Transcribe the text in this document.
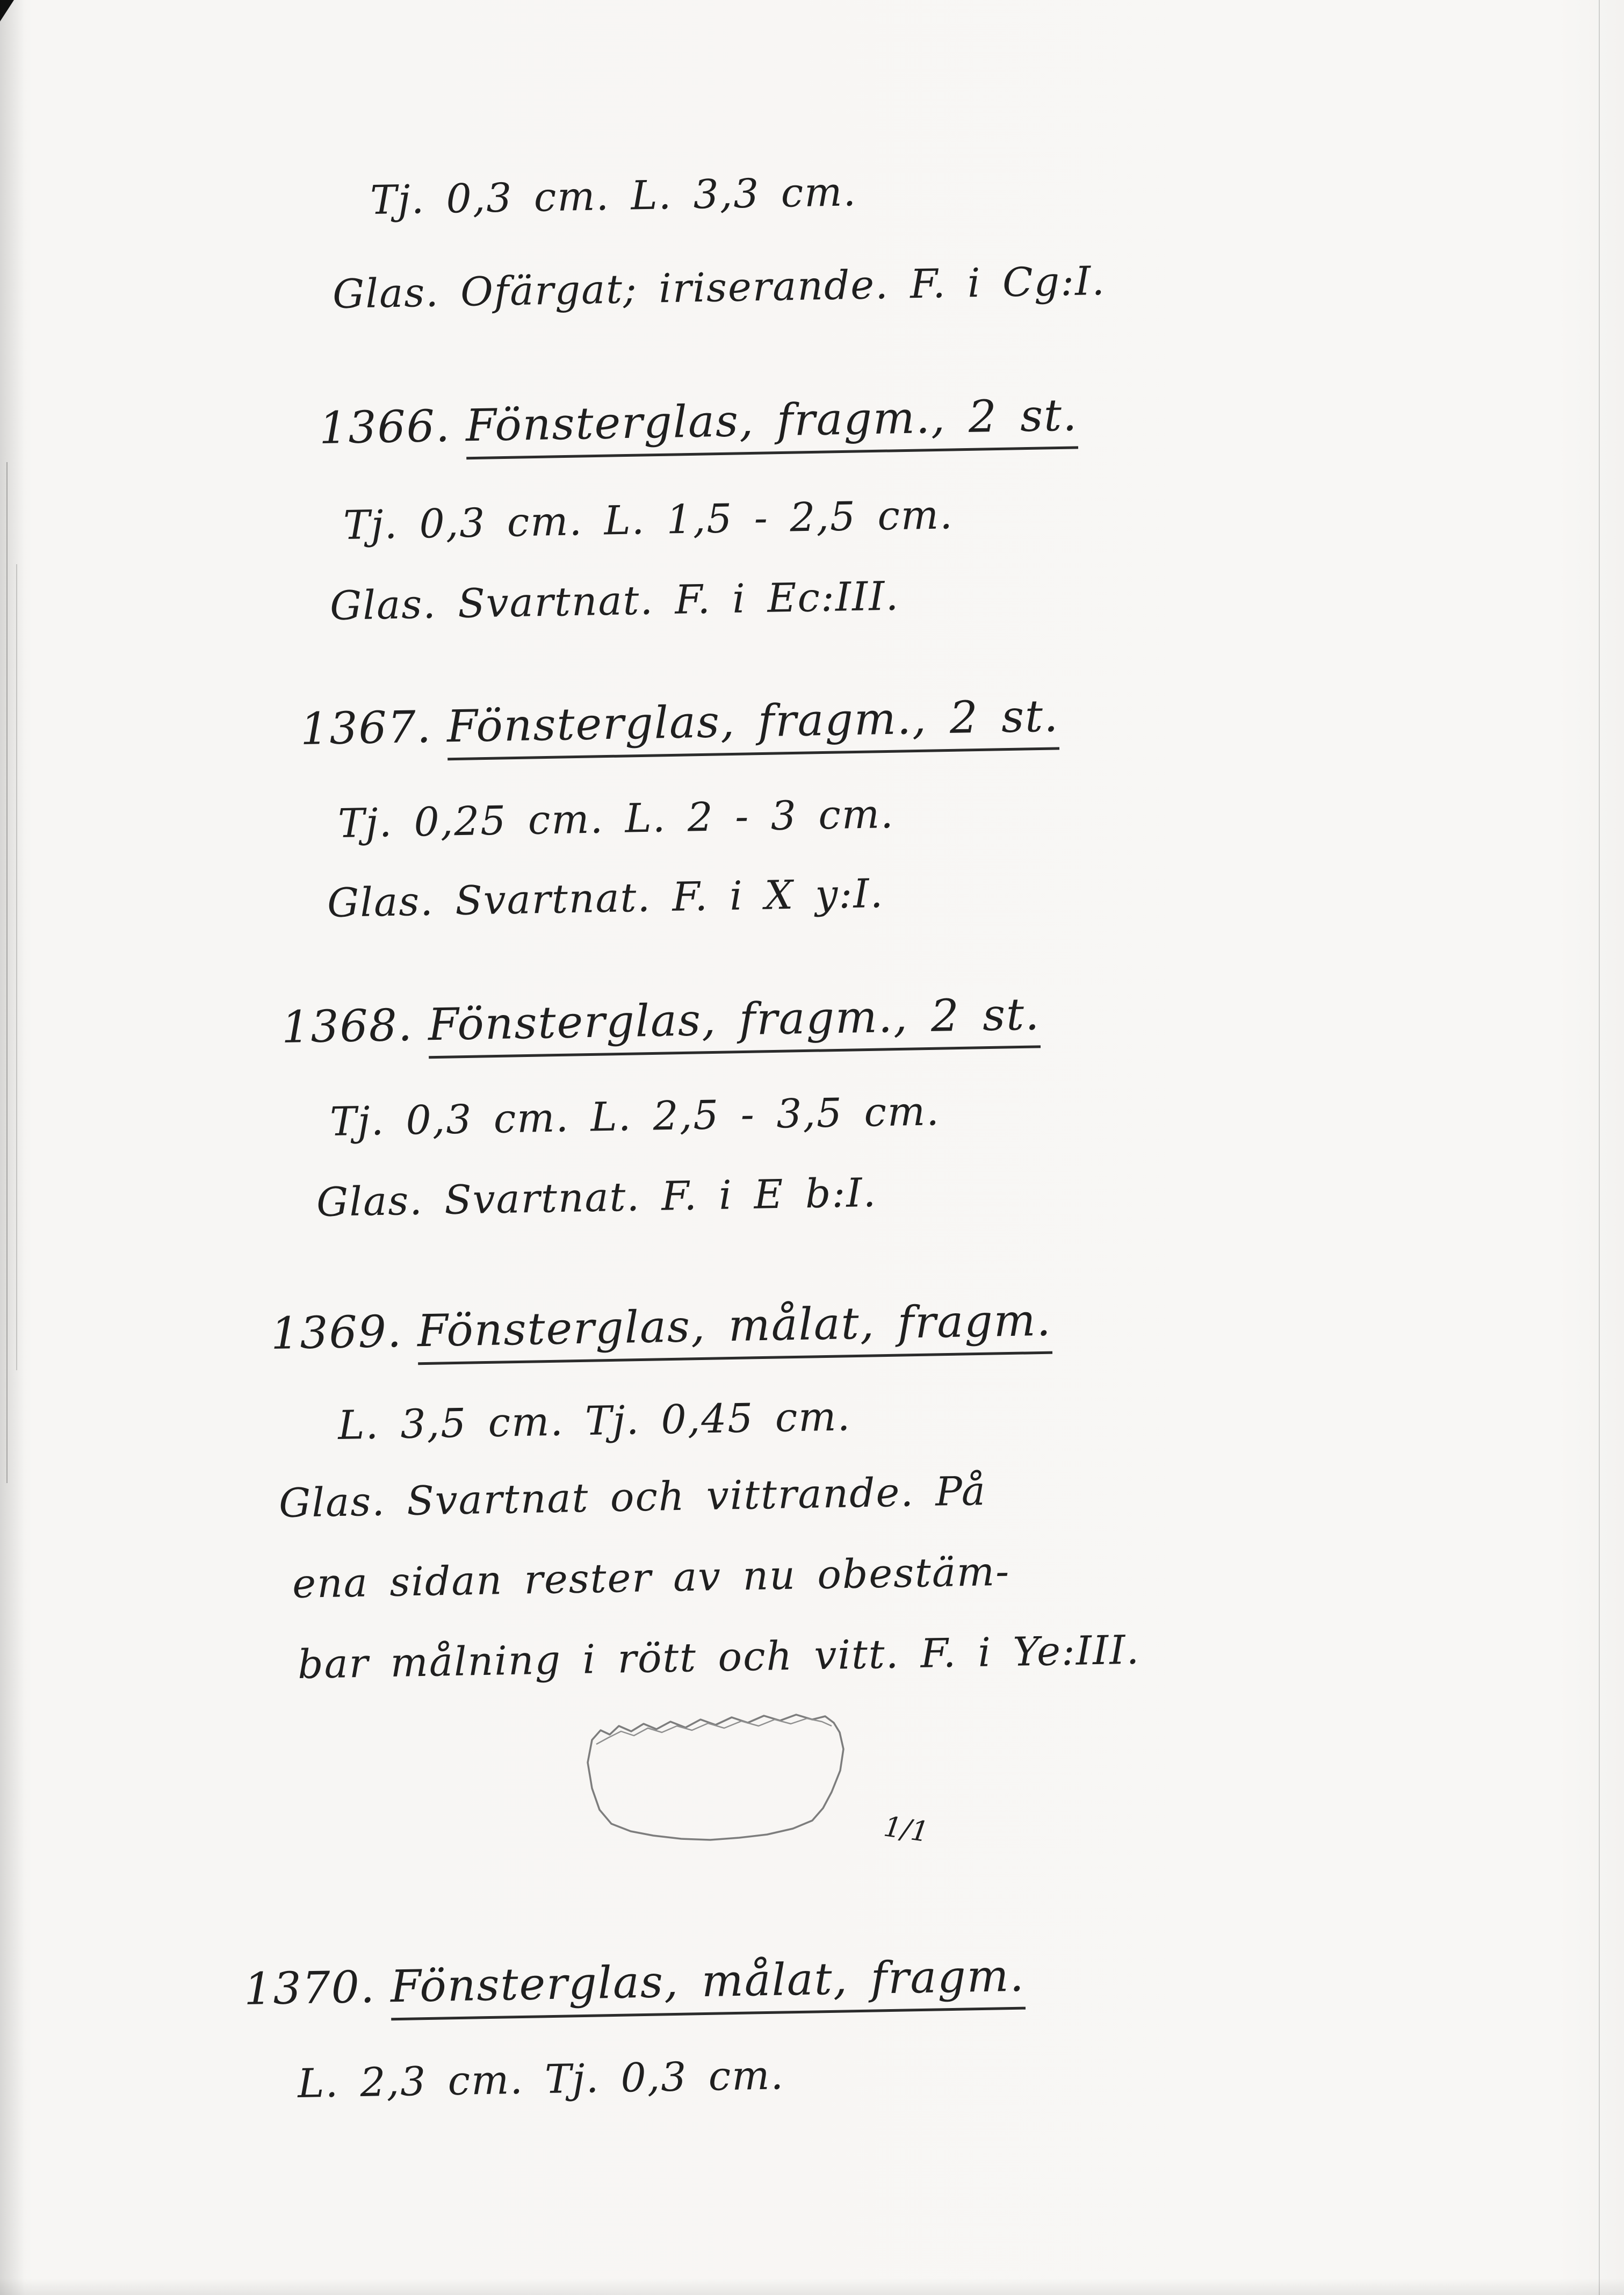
Tj. 0,3 cm. L. 3,3 cm.
Glas. Ofärgat; iriserande. F. i Cg:I.
1366. Fönsterglas, fragm., 2 st.
Tj. 0,3 cm. L. 1,5 - 2,5 cm.
Glas. Svartnat. F. i Ec:III.
1367. Fönsterglas, fragm., 2 st.
Tj. 0,25 cm. L. 2 - 3 cm.
Glas. Svartnat. F. i X y:I.
1368. Fönsterglas, fragm., 2 st.
Tj. 0,3 cm. L. 2,5 - 3,5 cm.
Glas. Svartnat. F. i E b:I.
1369. Fönsterglas, målat, fragm.
L. 3,5 cm. Tj. 0,45 cm.
Glas. Svartnat och vittrande. På
ena sidan rester av nu obestäm-
bar målning i rött och vitt. F. i Ye:III.
1/1
1370. Fönsterglas, målat, fragm.
L. 2,3 cm. Tj. 0,3 cm.
